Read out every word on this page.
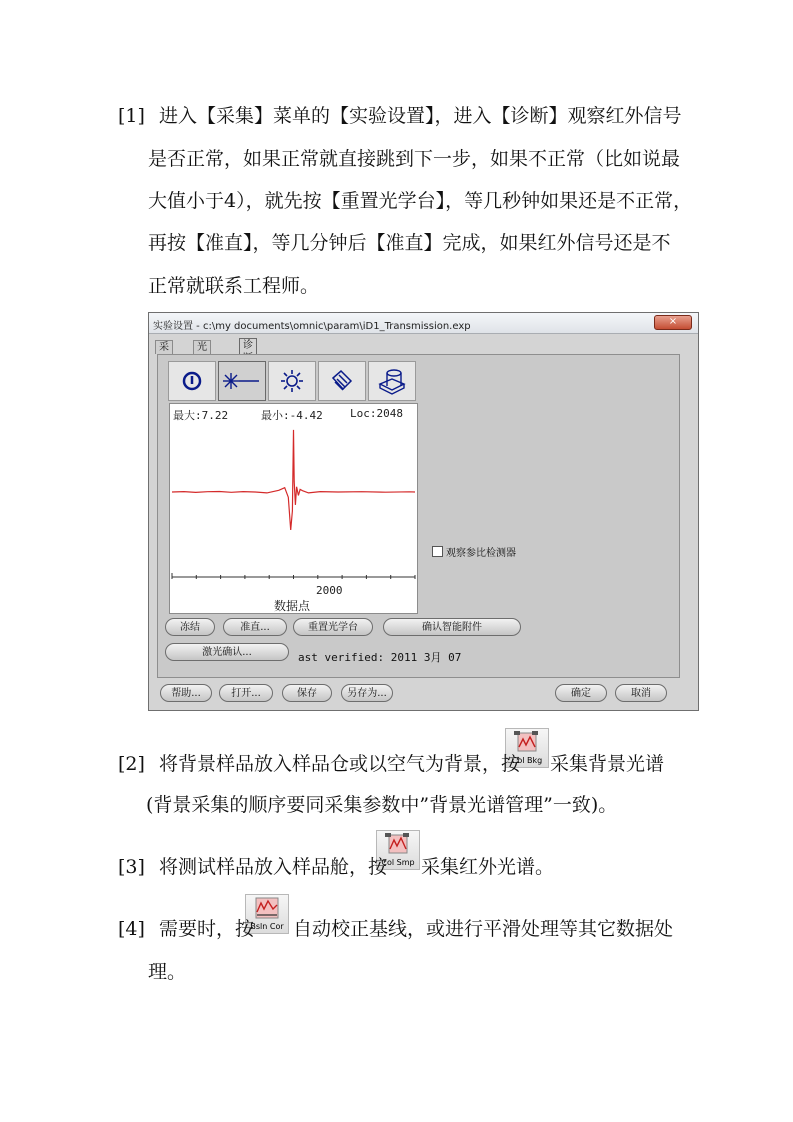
[1] 进入【采集】菜单的【实验设置】，进入【诊断】观察红外信号
是否正常，如果正常就直接跳到下一步，如果不正常（比如说最
大值小于4），就先按【重置光学台】，等几秒钟如果还是不正常，
再按【准直】，等几分钟后【准直】完成，如果红外信号还是不
正常就联系工程师。
实验设置 - c:\my documents\omnic\param\iD1_Transmission.exp	×
采	光	诊
最大:7.22	最小:-4.42 Loc:2048
2000
数据点
观察参比检测器
冻结	准直...	重置光学台	确认智能附件
激光确认...	ast verified: 2011 3月 07
帮助...	打开...	保存	另存为...	确定	取消
Col Bkg
[2] 将背景样品放入样品仓或以空气为背景，按 采集背景光谱
(背景采集的顺序要同采集参数中”背景光谱管理”一致)。
Col Smp
[3] 将测试样品放入样品舱，按 采集红外光谱。
Bsln Cor
[4] 需要时，按 自动校正基线，或进行平滑处理等其它数据处
理。
